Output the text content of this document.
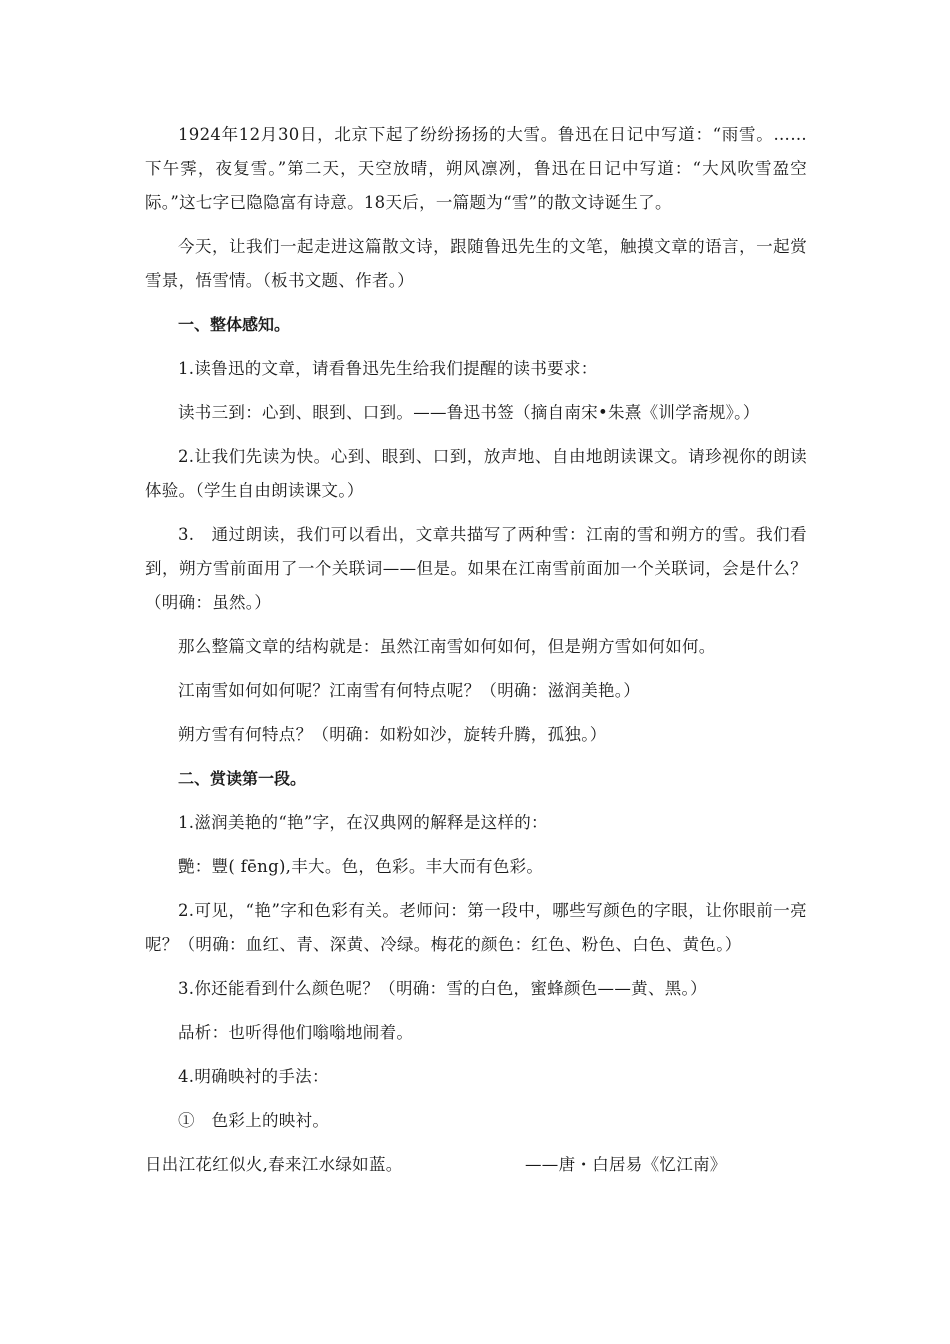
1924年12月30日，北京下起了纷纷扬扬的大雪。鲁迅在日记中写道：“雨雪。……下午霁，夜复雪。”第二天，天空放晴，朔风凛冽，鲁迅在日记中写道：“大风吹雪盈空际。”这七字已隐隐富有诗意。18天后，一篇题为“雪”的散文诗诞生了。

今天，让我们一起走进这篇散文诗，跟随鲁迅先生的文笔，触摸文章的语言，一起赏雪景，悟雪情。（板书文题、作者。）

一、整体感知。

1.读鲁迅的文章，请看鲁迅先生给我们提醒的读书要求：

读书三到：心到、眼到、口到。——鲁迅书签（摘自南宋•朱熹《训学斋规》。）

2.让我们先读为快。心到、眼到、口到，放声地、自由地朗读课文。请珍视你的朗读体验。（学生自由朗读课文。）

3.　通过朗读，我们可以看出，文章共描写了两种雪：江南的雪和朔方的雪。我们看到，朔方雪前面用了一个关联词——但是。如果在江南雪前面加一个关联词，会是什么？（明确：虽然。）

那么整篇文章的结构就是：虽然江南雪如何如何，但是朔方雪如何如何。

江南雪如何如何呢？江南雪有何特点呢？（明确：滋润美艳。）

朔方雪有何特点？（明确：如粉如沙，旋转升腾，孤独。）

二、赏读第一段。

1.滋润美艳的“艳”字，在汉典网的解释是这样的：

艷：豐( fēng),丰大。色，色彩。丰大而有色彩。

2.可见，“艳”字和色彩有关。老师问：第一段中，哪些写颜色的字眼，让你眼前一亮呢？（明确：血红、青、深黄、冷绿。梅花的颜色：红色、粉色、白色、黄色。）

3.你还能看到什么颜色呢？（明确：雪的白色，蜜蜂颜色——黄、黑。）

品析：也听得他们嗡嗡地闹着。

4.明确映衬的手法：

①　色彩上的映衬。

日出江花红似火,春来江水绿如蓝。	——唐・白居易《忆江南》
